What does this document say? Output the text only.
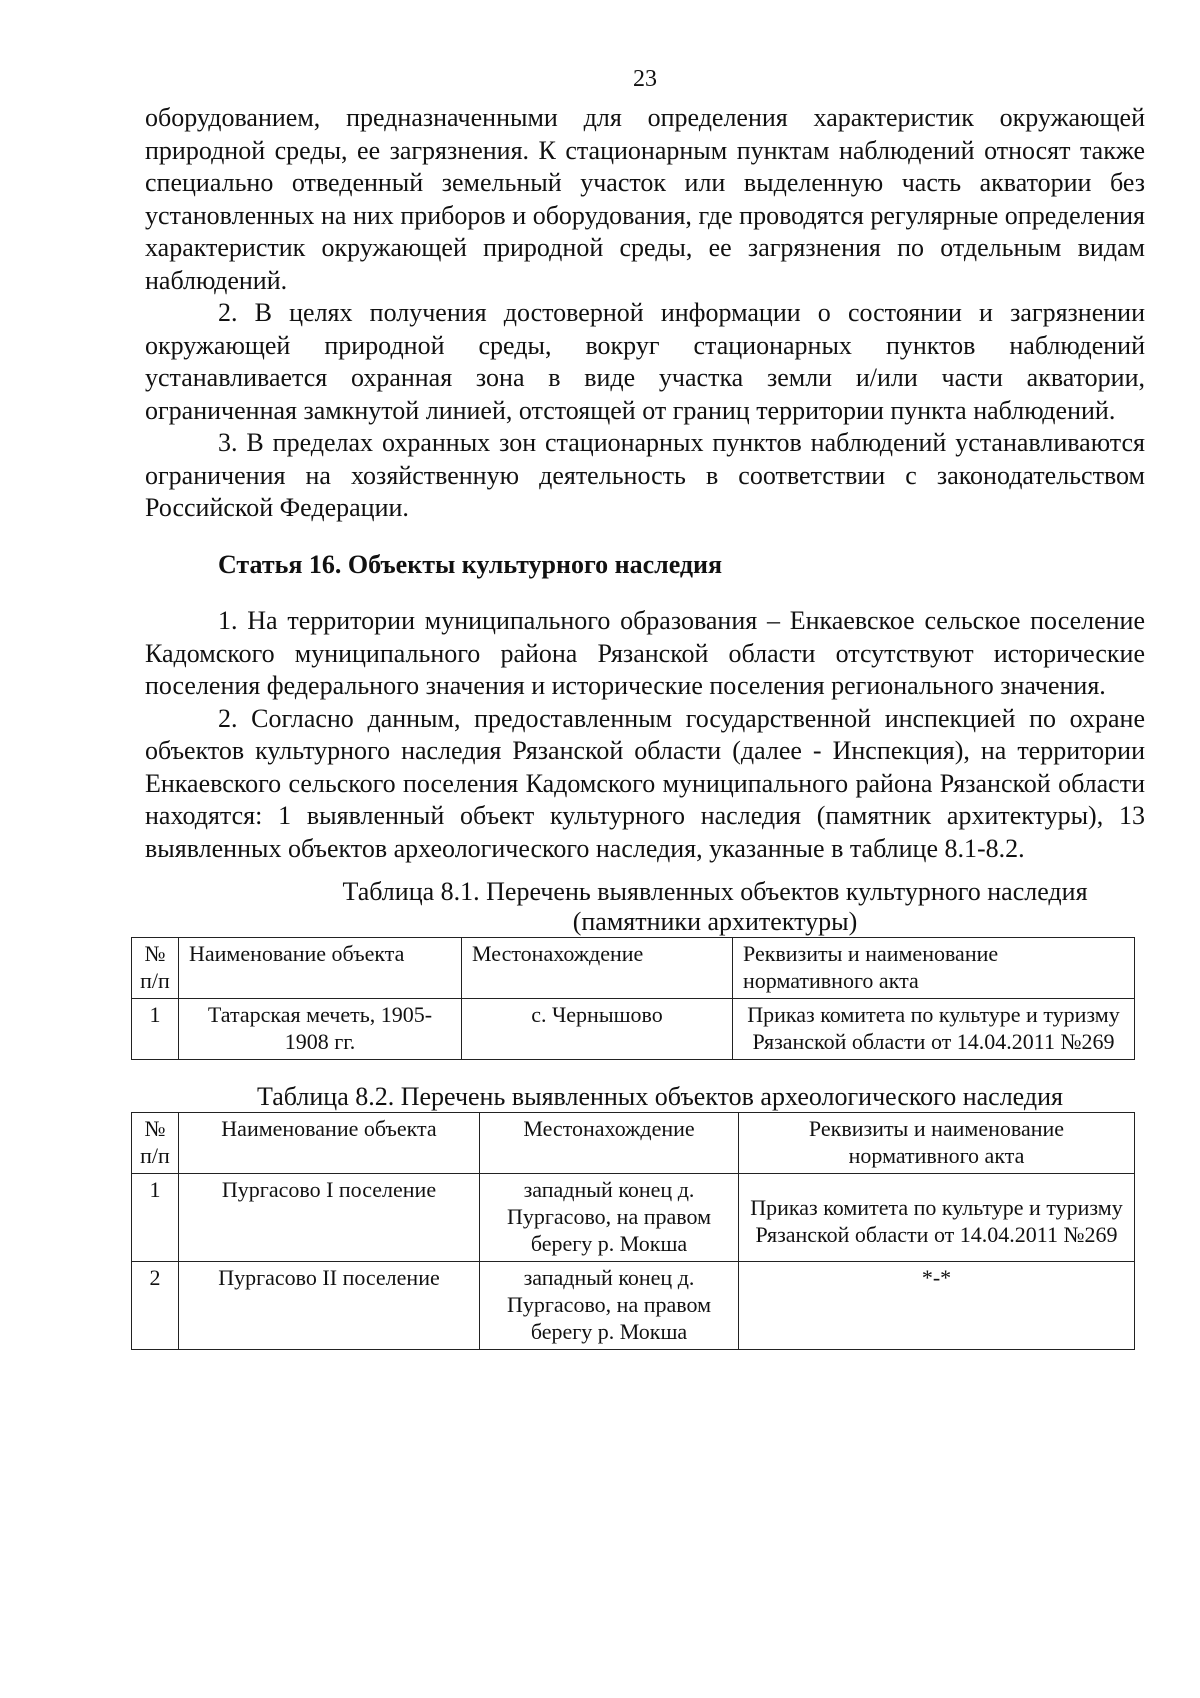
23

оборудованием, предназначенными для определения характеристик окружающей природной среды, ее загрязнения. К стационарным пунктам наблюдений относят также специально отведенный земельный участок или выделенную часть акватории без установленных на них приборов и оборудования, где проводятся регулярные определения характеристик окружающей природной среды, ее загрязнения по отдельным видам наблюдений.

2. В целях получения достоверной информации о состоянии и загрязнении окружающей природной среды, вокруг стационарных пунктов наблюдений устанавливается охранная зона в виде участка земли и/или части акватории, ограниченная замкнутой линией, отстоящей от границ территории пункта наблюдений.

3. В пределах охранных зон стационарных пунктов наблюдений устанавливаются ограничения на хозяйственную деятельность в соответствии с законодательством Российской Федерации.

Статья 16. Объекты культурного наследия

1. На территории муниципального образования – Енкаевское сельское поселение Кадомского муниципального района Рязанской области отсутствуют исторические поселения федерального значения и исторические поселения регионального значения.

2. Согласно данным, предоставленным государственной инспекцией по охране объектов культурного наследия Рязанской области (далее - Инспекция), на территории Енкаевского сельского поселения Кадомского муниципального района Рязанской области находятся: 1 выявленный объект культурного наследия (памятник архитектуры), 13 выявленных объектов археологического наследия, указанные в таблице 8.1-8.2.

Таблица 8.1. Перечень выявленных объектов культурного наследия
(памятники архитектуры)

№ п/п	Наименование объекта	Местонахождение	Реквизиты и наименование нормативного акта
1	Татарская мечеть, 1905-1908 гг.	с. Чернышово	Приказ комитета по культуре и туризму Рязанской области от 14.04.2011 №269

Таблица 8.2. Перечень выявленных объектов археологического наследия

№ п/п	Наименование объекта	Местонахождение	Реквизиты и наименование нормативного акта
1	Пургасово I поселение	западный конец д. Пургасово, на правом берегу р. Мокша	Приказ комитета по культуре и туризму Рязанской области от 14.04.2011 №269
2	Пургасово II поселение	западный конец д. Пургасово, на правом берегу р. Мокша	*-*
